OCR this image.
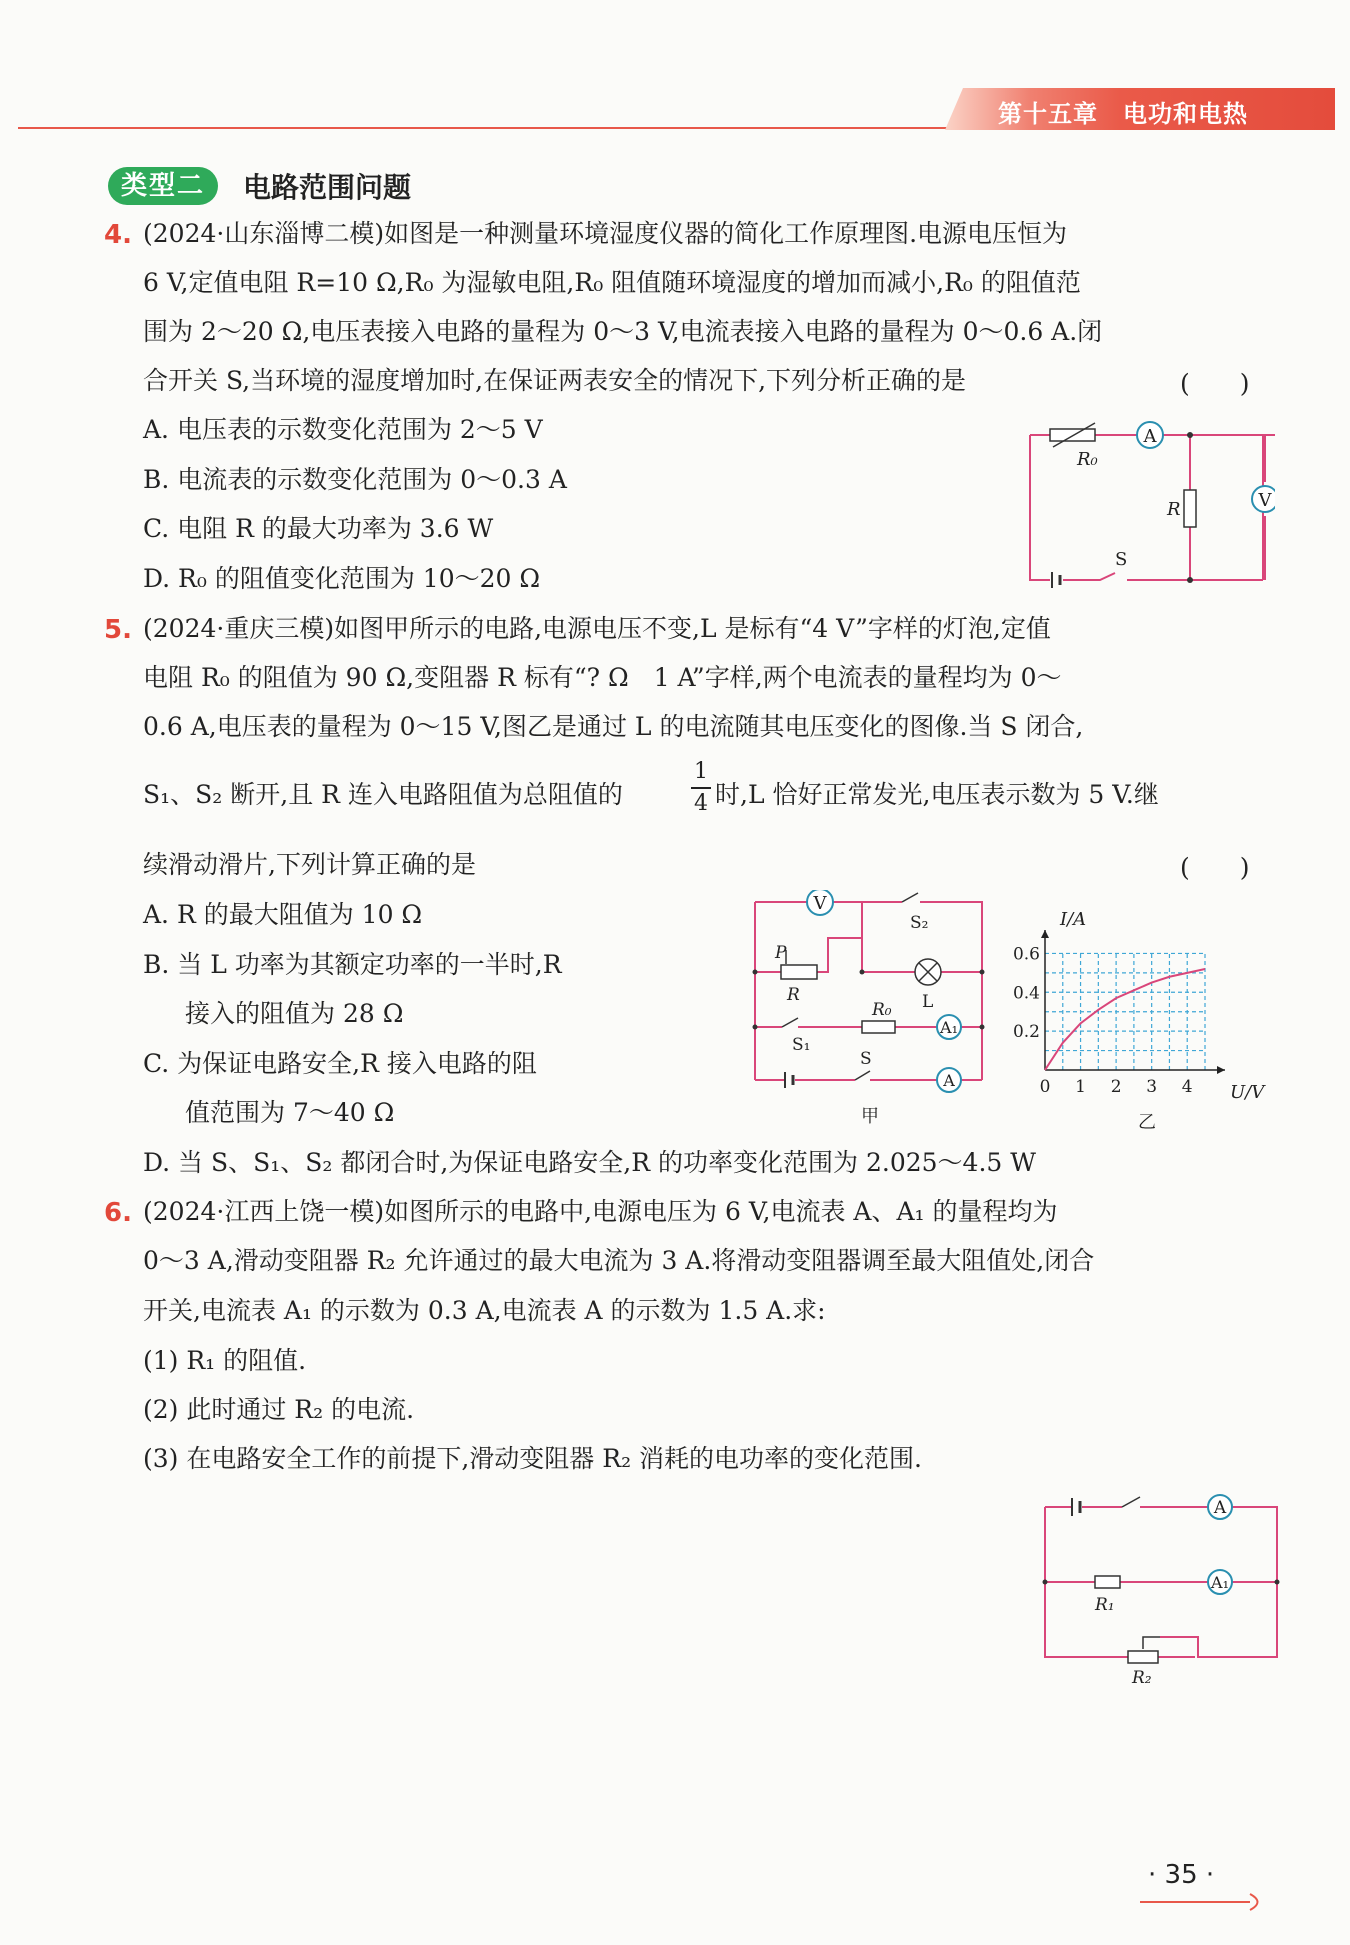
第十五章　电功和电热
类型二	电路范围问题
4. (2024·山东淄博二模)如图是一种测量环境湿度仪器的简化工作原理图.电源电压恒为
6 V,定值电阻 R=10 Ω,R₀ 为湿敏电阻,R₀ 阻值随环境湿度的增加而减小,R₀ 的阻值范
围为 2～20 Ω,电压表接入电路的量程为 0～3 V,电流表接入电路的量程为 0～0.6 A.闭
合开关 S,当环境的湿度增加时,在保证两表安全的情况下,下列分析正确的是	(　　)
A. 电压表的示数变化范围为 2～5 V
B. 电流表的示数变化范围为 0～0.3 A
C. 电阻 R 的最大功率为 3.6 W
D. R₀ 的阻值变化范围为 10～20 Ω
A
R₀
R	V
S
5. (2024·重庆三模)如图甲所示的电路,电源电压不变,L 是标有“4 V”字样的灯泡,定值
电阻 R₀ 的阻值为 90 Ω,变阻器 R 标有“? Ω　1 A”字样,两个电流表的量程均为 0～
0.6 A,电压表的量程为 0～15 V,图乙是通过 L 的电流随其电压变化的图像.当 S 闭合,
S₁、S₂ 断开,且 R 连入电路阻值为总阻值的
1
4 时,L 恰好正常发光,电压表示数为 5 V.继
续滑动滑片,下列计算正确的是	(　　)
A. R 的最大阻值为 10 Ω
B. 当 L 功率为其额定功率的一半时,R
接入的阻值为 28 Ω
C. 为保证电路安全,R 接入电路的阻
值范围为 7～40 Ω
D. 当 S、S₁、S₂ 都闭合时,为保证电路安全,R 的功率变化范围为 2.025～4.5 W
V
S₂
P
R	L
S₁
R₀
A₁
S
A
甲
0 1 2 3 4
0.2
0.4
0.6
I/A
U/V
乙
6. (2024·江西上饶一模)如图所示的电路中,电源电压为 6 V,电流表 A、A₁ 的量程均为
0～3 A,滑动变阻器 R₂ 允许通过的最大电流为 3 A.将滑动变阻器调至最大阻值处,闭合
开关,电流表 A₁ 的示数为 0.3 A,电流表 A 的示数为 1.5 A.求:
(1) R₁ 的阻值.
(2) 此时通过 R₂ 的电流.
(3) 在电路安全工作的前提下,滑动变阻器 R₂ 消耗的电功率的变化范围.
A
R₁
A₁
R₂
· 35 ·
